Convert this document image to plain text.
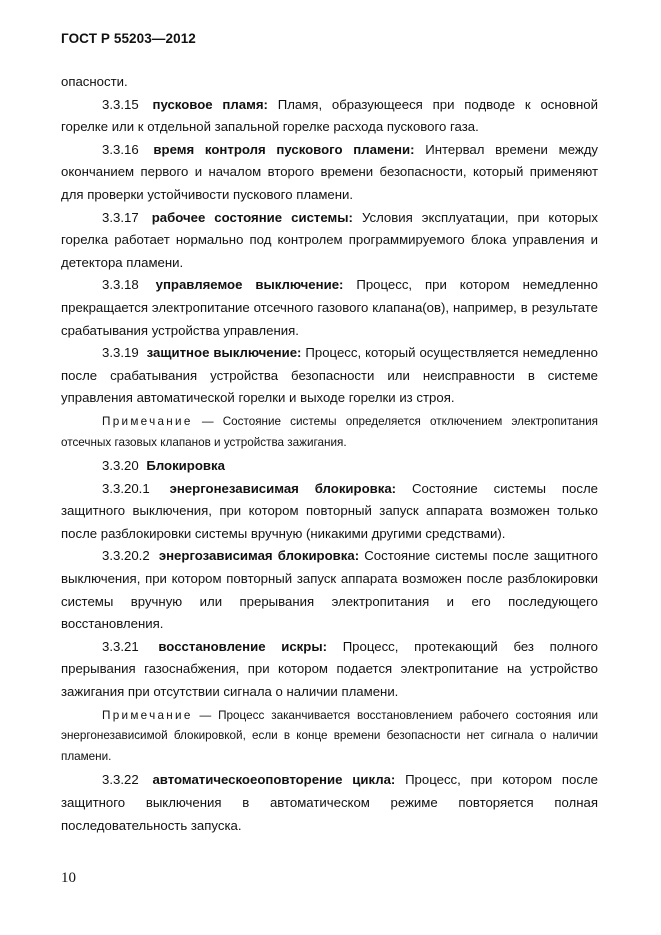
ГОСТ Р 55203—2012

опасности.

3.3.15 пусковое пламя: Пламя, образующееся при подводе к основной горелке или к отдельной запальной горелке расхода пускового газа.

3.3.16 время контроля пускового пламени: Интервал времени между окончанием первого и началом второго времени безопасности, который применяют для проверки устойчивости пускового пламени.

3.3.17 рабочее состояние системы: Условия эксплуатации, при которых горелка работает нормально под контролем программируемого блока управления и детектора пламени.

3.3.18 управляемое выключение: Процесс, при котором немедленно прекращается электропитание отсечного газового клапана(ов), например, в результате срабатывания устройства управления.

3.3.19 защитное выключение: Процесс, который осуществляется немедленно после срабатывания устройства безопасности или неисправности в системе управления автоматической горелки и выходе горелки из строя.

Примечание — Состояние системы определяется отключением электропитания отсечных газовых клапанов и устройства зажигания.

3.3.20 Блокировка

3.3.20.1 энергонезависимая блокировка: Состояние системы после защитного выключения, при котором повторный запуск аппарата возможен только после разблокировки системы вручную (никакими другими средствами).

3.3.20.2 энергозависимая блокировка: Состояние системы после защитного выключения, при котором повторный запуск аппарата возможен после разблокировки системы вручную или прерывания электропитания и его последующего восстановления.

3.3.21 восстановление искры: Процесс, протекающий без полного прерывания газоснабжения, при котором подается электропитание на устройство зажигания при отсутствии сигнала о наличии пламени.

Примечание — Процесс заканчивается восстановлением рабочего состояния или энергонезависимой блокировкой, если в конце времени безопасности нет сигнала о наличии пламени.

3.3.22 автоматическоеоповторение цикла: Процесс, при котором после защитного выключения в автоматическом режиме повторяется полная последовательность запуска.

10
